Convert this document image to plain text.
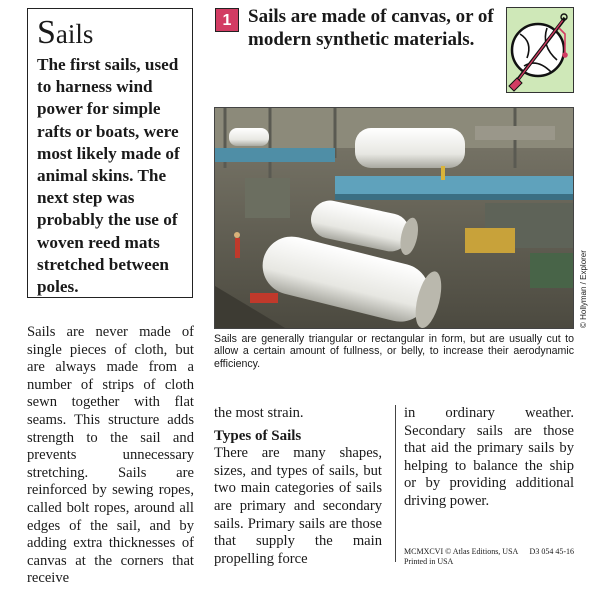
Sails

The first sails, used to harness wind power for simple rafts or boats, were most likely made of animal skins. The next step was probably the use of woven reed mats stretched between poles.

1 Sails are made of canvas, or of modern synthetic materials.
© Hollyman / Explorer

Sails are generally triangular or rectangular in form, but are usually cut to allow a certain amount of fullness, or belly, to increase their aerodynamic efficiency.

Sails are never made of single pieces of cloth, but are always made from a number of strips of cloth sewn together with flat seams. This structure adds strength to the sail and prevents unnecessary stretching. Sails are reinforced by sewing ropes, called bolt ropes, around all edges of the sail, and by adding extra thicknesses of canvas at the corners that receive

the most strain.
Types of Sails
There are many shapes, sizes, and types of sails, but two main categories of sails are primary and secondary sails. Primary sails are those that supply the main propelling force

in ordinary weather. Secondary sails are those that aid the primary sails by helping to balance the ship or by providing additional driving power.

MCMXCVI © Atlas Editions, USA
Printed in USA
D3 054 45-16
